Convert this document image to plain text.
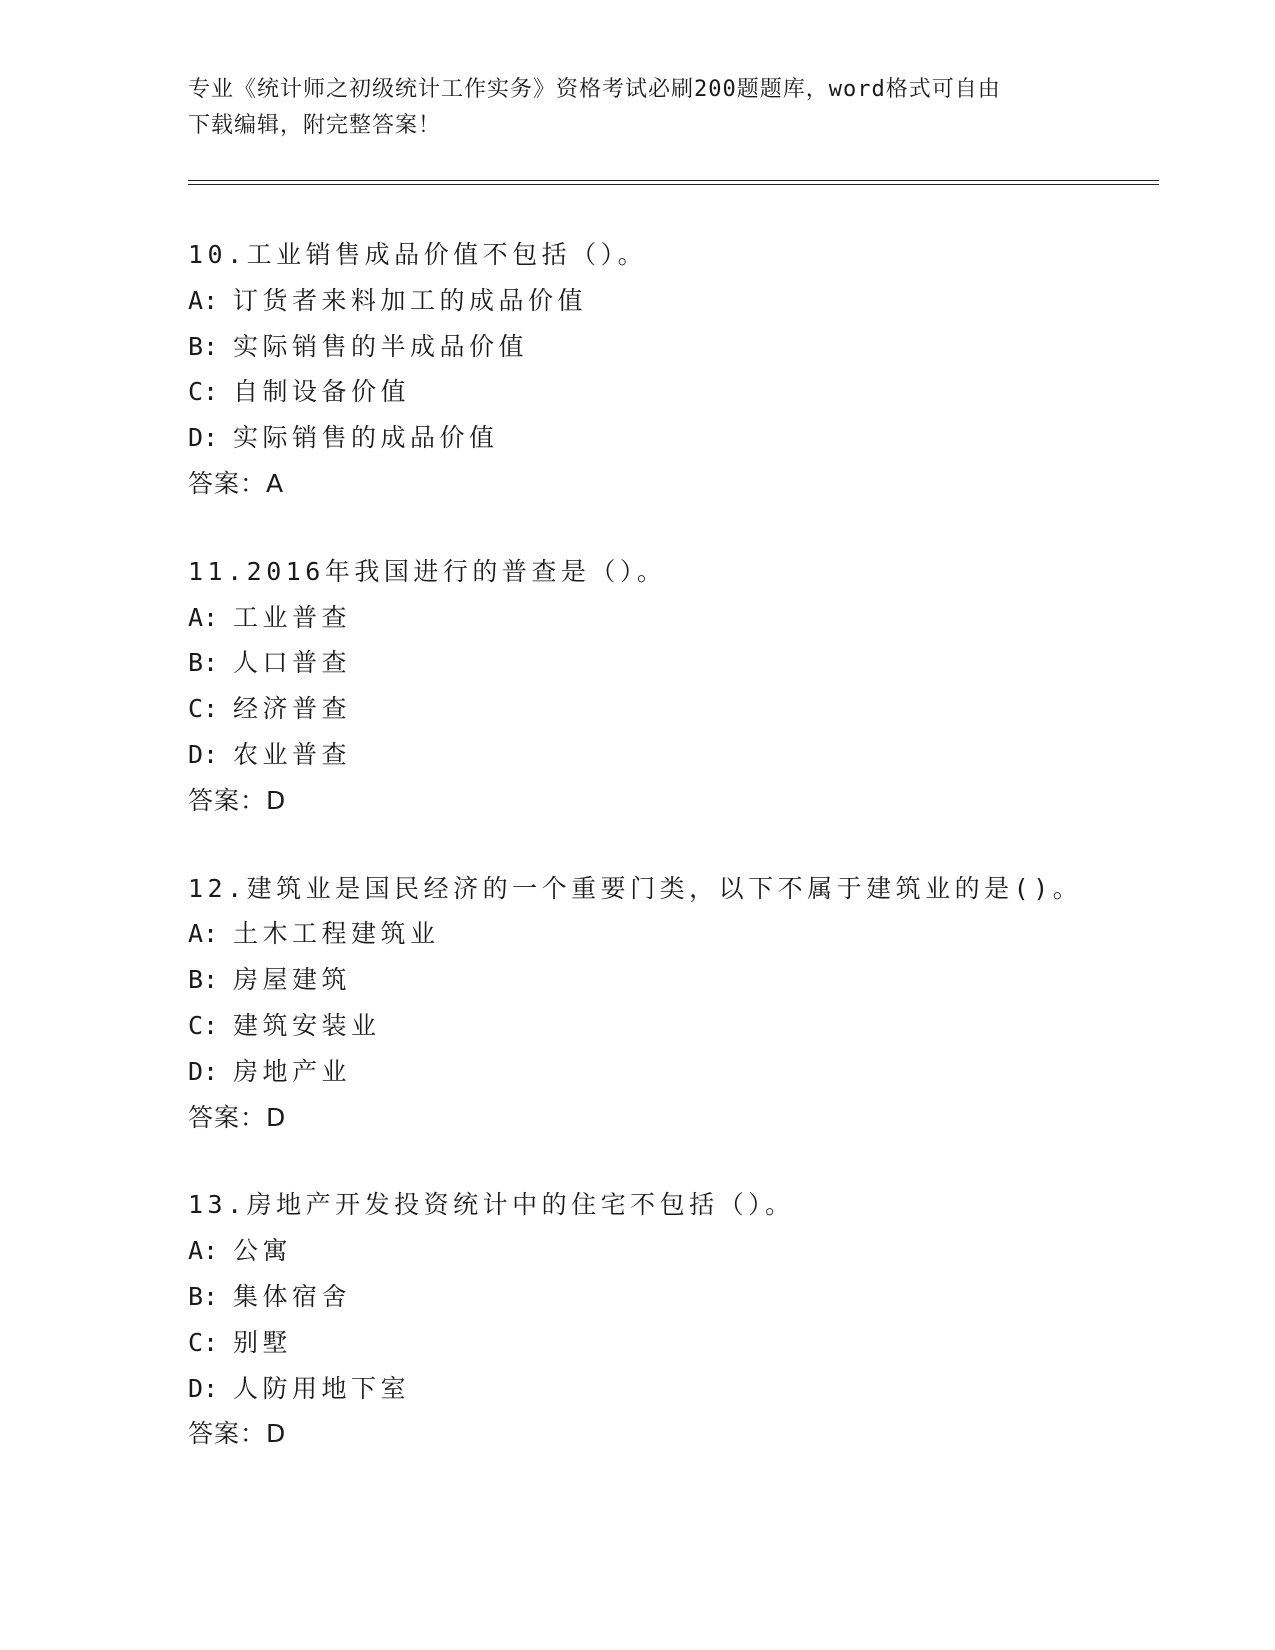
专业《统计师之初级统计工作实务》资格考试必刷200题题库，word格式可自由
下载编辑，附完整答案！
10.工业销售成品价值不包括（）。
A: 订货者来料加工的成品价值
B: 实际销售的半成品价值
C: 自制设备价值
D: 实际销售的成品价值
答案：A
11.2016年我国进行的普查是（）。
A: 工业普查
B: 人口普查
C: 经济普查
D: 农业普查
答案：D
12.建筑业是国民经济的一个重要门类，以下不属于建筑业的是()。
A: 土木工程建筑业
B: 房屋建筑
C: 建筑安装业
D: 房地产业
答案：D
13.房地产开发投资统计中的住宅不包括（）。
A: 公寓
B: 集体宿舍
C: 别墅
D: 人防用地下室
答案：D
